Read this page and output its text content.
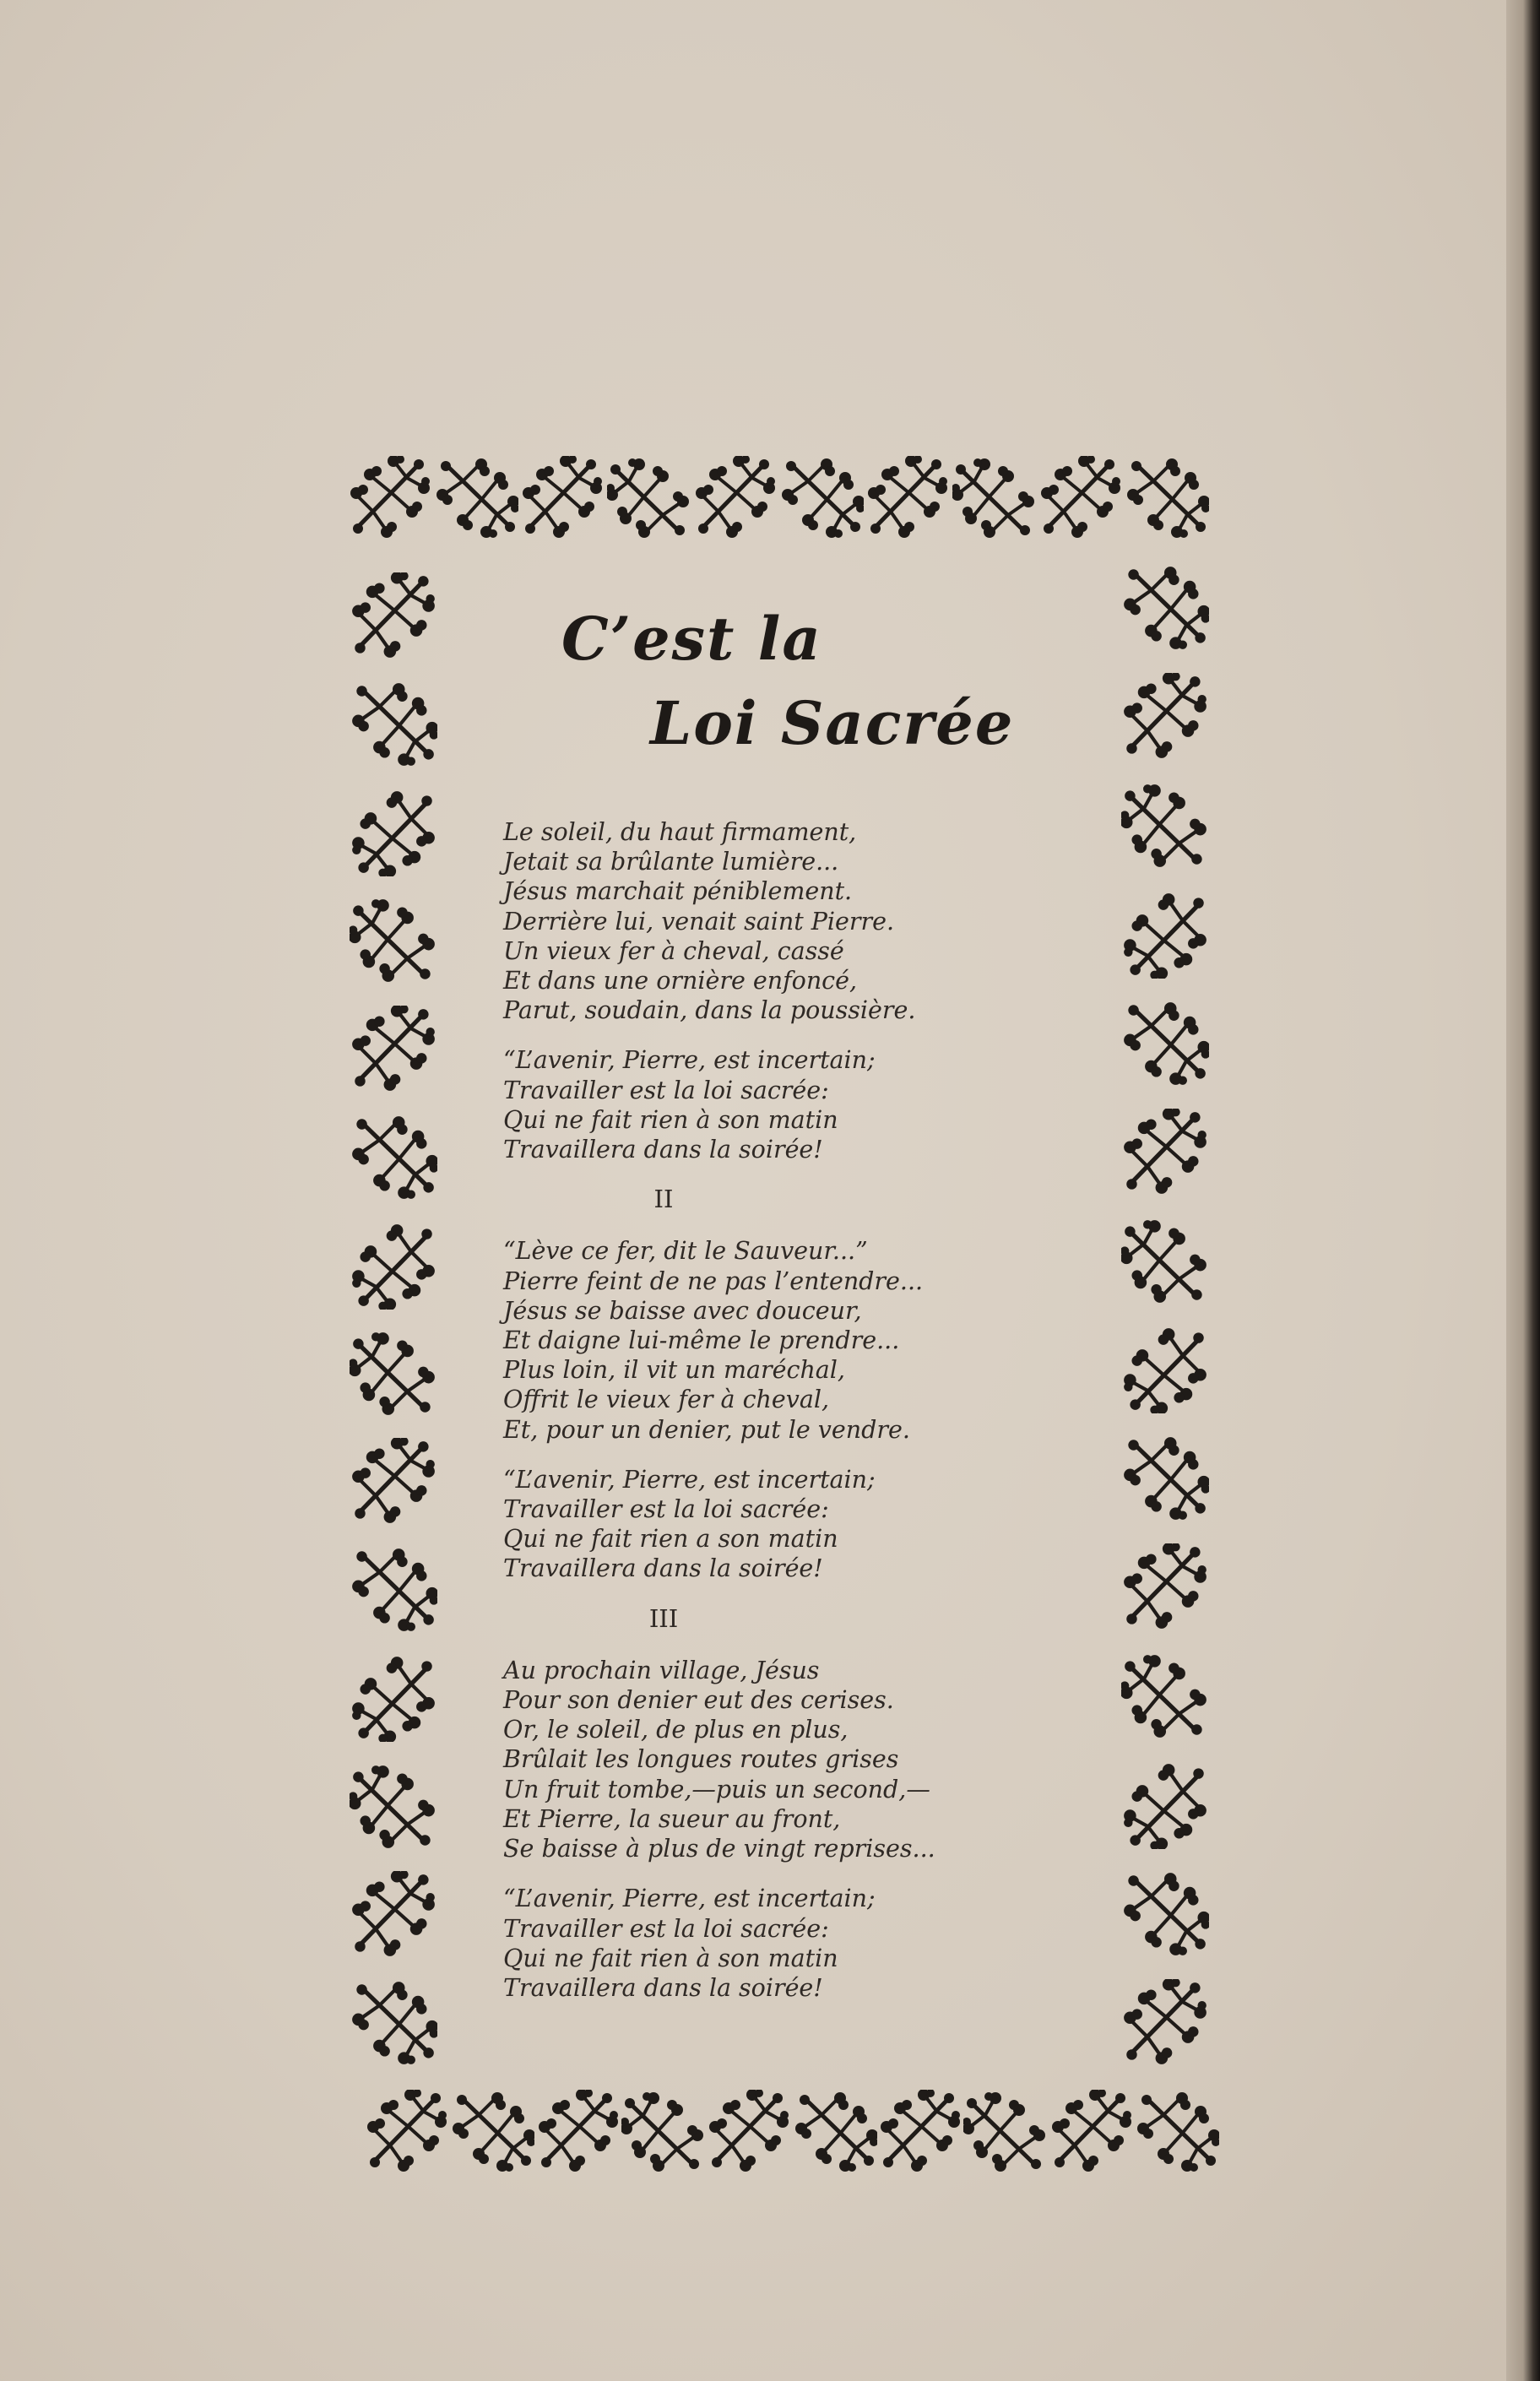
C’est la
Loi Sacrée
Le soleil, du haut firmament,
Jetait sa brûlante lumière...
Jésus marchait péniblement.
Derrière lui, venait saint Pierre.
Un vieux fer à cheval, cassé
Et dans une ornière enfoncé,
Parut, soudain, dans la poussière.
“L’avenir, Pierre, est incertain;
Travailler est la loi sacrée:
Qui ne fait rien à son matin
Travaillera dans la soirée!
II
“Lève ce fer, dit le Sauveur...”
Pierre feint de ne pas l’entendre...
Jésus se baisse avec douceur,
Et daigne lui-même le prendre...
Plus loin, il vit un maréchal,
Offrit le vieux fer à cheval,
Et, pour un denier, put le vendre.
“L’avenir, Pierre, est incertain;
Travailler est la loi sacrée:
Qui ne fait rien a son matin
Travaillera dans la soirée!
III
Au prochain village, Jésus
Pour son denier eut des cerises.
Or, le soleil, de plus en plus,
Brûlait les longues routes grises
Un fruit tombe,—puis un second,—
Et Pierre, la sueur au front,
Se baisse à plus de vingt reprises...
“L’avenir, Pierre, est incertain;
Travailler est la loi sacrée:
Qui ne fait rien à son matin
Travaillera dans la soirée!
